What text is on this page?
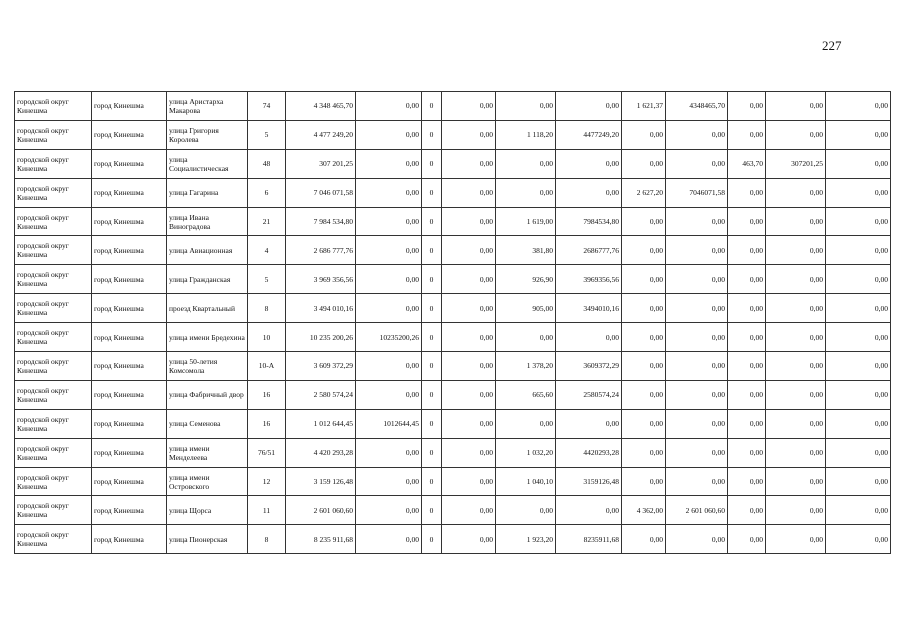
227
городской округ Кинешма	город Кинешма	улица Аристарха Макарова	74	4 348 465,70	0,00	0	0,00	0,00	0,00	1 621,37	4348465,70	0,00	0,00	0,00
городской округ Кинешма	город Кинешма	улица Григория Королева	5	4 477 249,20	0,00	0	0,00	1 118,20	4477249,20	0,00	0,00	0,00	0,00	0,00
городской округ Кинешма	город Кинешма	улица Социалистическая	48	307 201,25	0,00	0	0,00	0,00	0,00	0,00	0,00	463,70	307201,25	0,00
городской округ Кинешма	город Кинешма	улица Гагарина	6	7 046 071,58	0,00	0	0,00	0,00	0,00	2 627,20	7046071,58	0,00	0,00	0,00
городской округ Кинешма	город Кинешма	улица Ивана Виноградова	21	7 984 534,80	0,00	0	0,00	1 619,00	7984534,80	0,00	0,00	0,00	0,00	0,00
городской округ Кинешма	город Кинешма	улица Авиационная	4	2 686 777,76	0,00	0	0,00	381,80	2686777,76	0,00	0,00	0,00	0,00	0,00
городской округ Кинешма	город Кинешма	улица Гражданская	5	3 969 356,56	0,00	0	0,00	926,90	3969356,56	0,00	0,00	0,00	0,00	0,00
городской округ Кинешма	город Кинешма	проезд Квартальный	8	3 494 010,16	0,00	0	0,00	905,00	3494010,16	0,00	0,00	0,00	0,00	0,00
городской округ Кинешма	город Кинешма	улица имени Бредехина	10	10 235 200,26	10235200,26	0	0,00	0,00	0,00	0,00	0,00	0,00	0,00	0,00
городской округ Кинешма	город Кинешма	улица 50-летия Комсомола	10-А	3 609 372,29	0,00	0	0,00	1 378,20	3609372,29	0,00	0,00	0,00	0,00	0,00
городской округ Кинешма	город Кинешма	улица Фабричный двор	16	2 580 574,24	0,00	0	0,00	665,60	2580574,24	0,00	0,00	0,00	0,00	0,00
городской округ Кинешма	город Кинешма	улица Семенова	16	1 012 644,45	1012644,45	0	0,00	0,00	0,00	0,00	0,00	0,00	0,00	0,00
городской округ Кинешма	город Кинешма	улица имени Менделеева	76/51	4 420 293,28	0,00	0	0,00	1 032,20	4420293,28	0,00	0,00	0,00	0,00	0,00
городской округ Кинешма	город Кинешма	улица имени Островского	12	3 159 126,48	0,00	0	0,00	1 040,10	3159126,48	0,00	0,00	0,00	0,00	0,00
городской округ Кинешма	город Кинешма	улица Щорса	11	2 601 060,60	0,00	0	0,00	0,00	0,00	4 362,00	2 601 060,60	0,00	0,00	0,00
городской округ Кинешма	город Кинешма	улица Пионерская	8	8 235 911,68	0,00	0	0,00	1 923,20	8235911,68	0,00	0,00	0,00	0,00	0,00
